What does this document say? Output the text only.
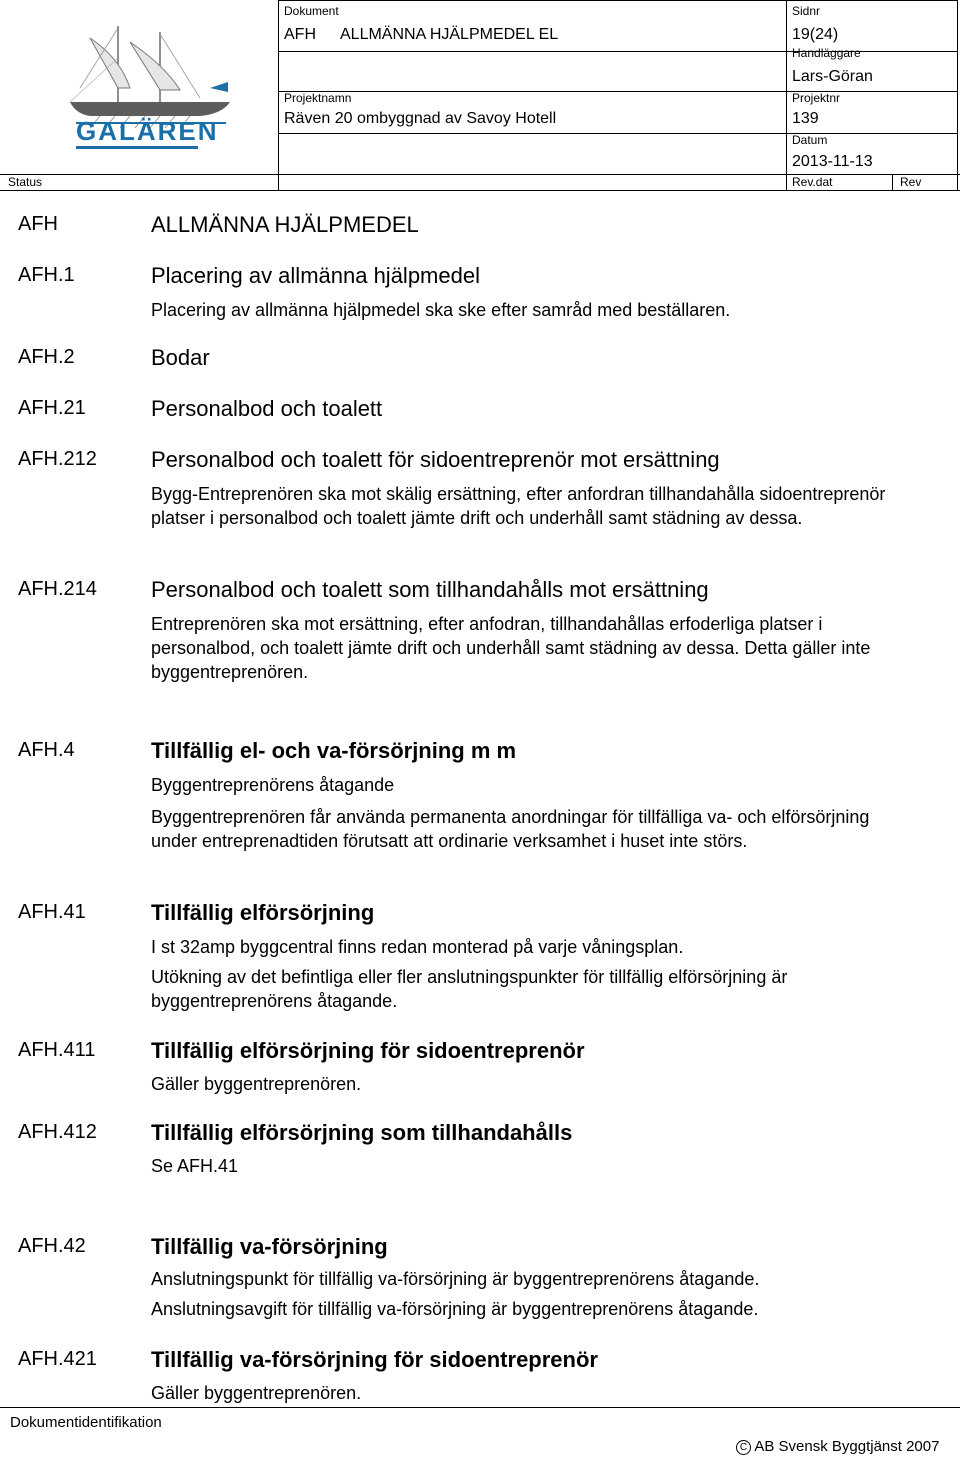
GALÄREN
Dokument
AFH ALLMÄNNA HJÄLPMEDEL EL
Sidnr
19(24)
Handläggare
Lars-Göran
Projektnamn
Räven 20 ombyggnad av Savoy Hotell
Projektnr
139
Datum
2013-11-13
Status	Rev.dat	Rev
AFH	ALLMÄNNA HJÄLPMEDEL
AFH.1	Placering av allmänna hjälpmedel
Placering av allmänna hjälpmedel ska ske efter samråd med beställaren.
AFH.2	Bodar
AFH.21	Personalbod och toalett
AFH.212 Personalbod och toalett för sidoentreprenör mot ersättning
Bygg-Entreprenören ska mot skälig ersättning, efter anfordran tillhandahålla sidoentreprenör platser i personalbod och toalett jämte drift och underhåll samt städning av dessa.
AFH.214 Personalbod och toalett som tillhandahålls mot ersättning
Entreprenören ska mot ersättning, efter anfodran, tillhandahållas erfoderliga platser i personalbod, och toalett jämte drift och underhåll samt städning av dessa. Detta gäller inte byggentreprenören.
AFH.4	Tillfällig el- och va-försörjning m m
Byggentreprenörens åtagande
Byggentreprenören får använda permanenta anordningar för tillfälliga va- och elförsörjning under entreprenadtiden förutsatt att ordinarie verksamhet i huset inte störs.
AFH.41	Tillfällig elförsörjning
I st 32amp byggcentral finns redan monterad på varje våningsplan.
Utökning av det befintliga eller fler anslutningspunkter för tillfällig elförsörjning är byggentreprenörens åtagande.
AFH.411	Tillfällig elförsörjning för sidoentreprenör
Gäller byggentreprenören.
AFH.412 Tillfällig elförsörjning som tillhandahålls
Se AFH.41
AFH.42	Tillfällig va-försörjning
Anslutningspunkt för tillfällig va-försörjning är byggentreprenörens åtagande.
Anslutningsavgift för tillfällig va-försörjning är byggentreprenörens åtagande.
AFH.421 Tillfällig va-försörjning för sidoentreprenör
Gäller byggentreprenören.
Dokumentidentifikation
C AB Svensk Byggtjänst 2007
